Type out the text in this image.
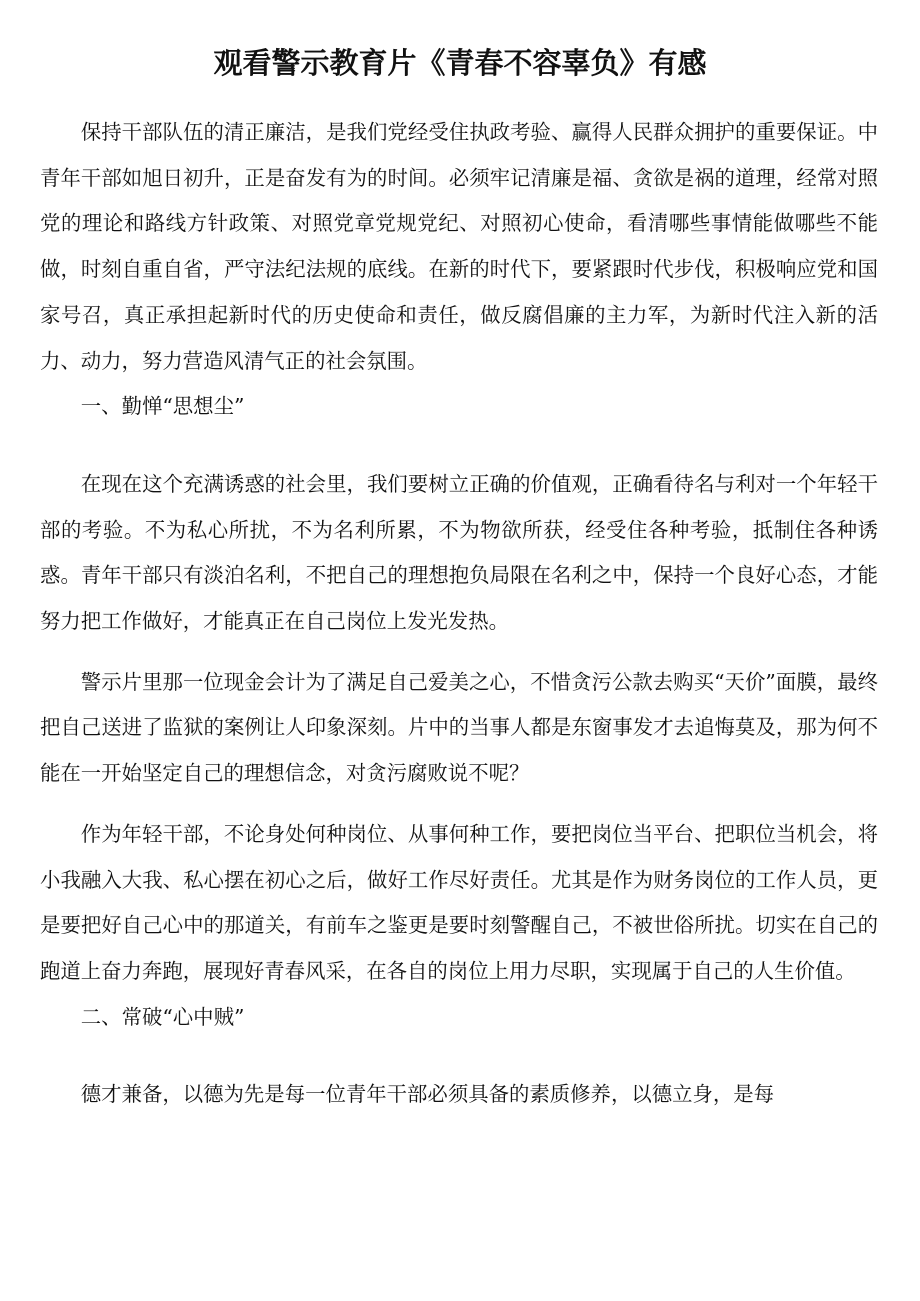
观看警示教育片《青春不容辜负》有感

保持干部队伍的清正廉洁，是我们党经受住执政考验、赢得人民群众拥护的重要保证。中青年干部如旭日初升，正是奋发有为的时间。必须牢记清廉是福、贪欲是祸的道理，经常对照党的理论和路线方针政策、对照党章党规党纪、对照初心使命，看清哪些事情能做哪些不能做，时刻自重自省，严守法纪法规的底线。在新的时代下，要紧跟时代步伐，积极响应党和国家号召，真正承担起新时代的历史使命和责任，做反腐倡廉的主力军，为新时代注入新的活力、动力，努力营造风清气正的社会氛围。

一、勤惮“思想尘”

在现在这个充满诱惑的社会里，我们要树立正确的价值观，正确看待名与利对一个年轻干部的考验。不为私心所扰，不为名利所累，不为物欲所获，经受住各种考验，抵制住各种诱惑。青年干部只有淡泊名利，不把自己的理想抱负局限在名利之中，保持一个良好心态，才能努力把工作做好，才能真正在自己岗位上发光发热。

警示片里那一位现金会计为了满足自己爱美之心，不惜贪污公款去购买“天价”面膜，最终把自己送进了监狱的案例让人印象深刻。片中的当事人都是东窗事发才去追悔莫及，那为何不能在一开始坚定自己的理想信念，对贪污腐败说不呢？

作为年轻干部，不论身处何种岗位、从事何种工作，要把岗位当平台、把职位当机会，将小我融入大我、私心摆在初心之后，做好工作尽好责任。尤其是作为财务岗位的工作人员，更是要把好自己心中的那道关，有前车之鉴更是要时刻警醒自己，不被世俗所扰。切实在自己的跑道上奋力奔跑，展现好青春风采，在各自的岗位上用力尽职，实现属于自己的人生价值。

二、常破“心中贼”

德才兼备，以德为先是每一位青年干部必须具备的素质修养，以德立身，是每
